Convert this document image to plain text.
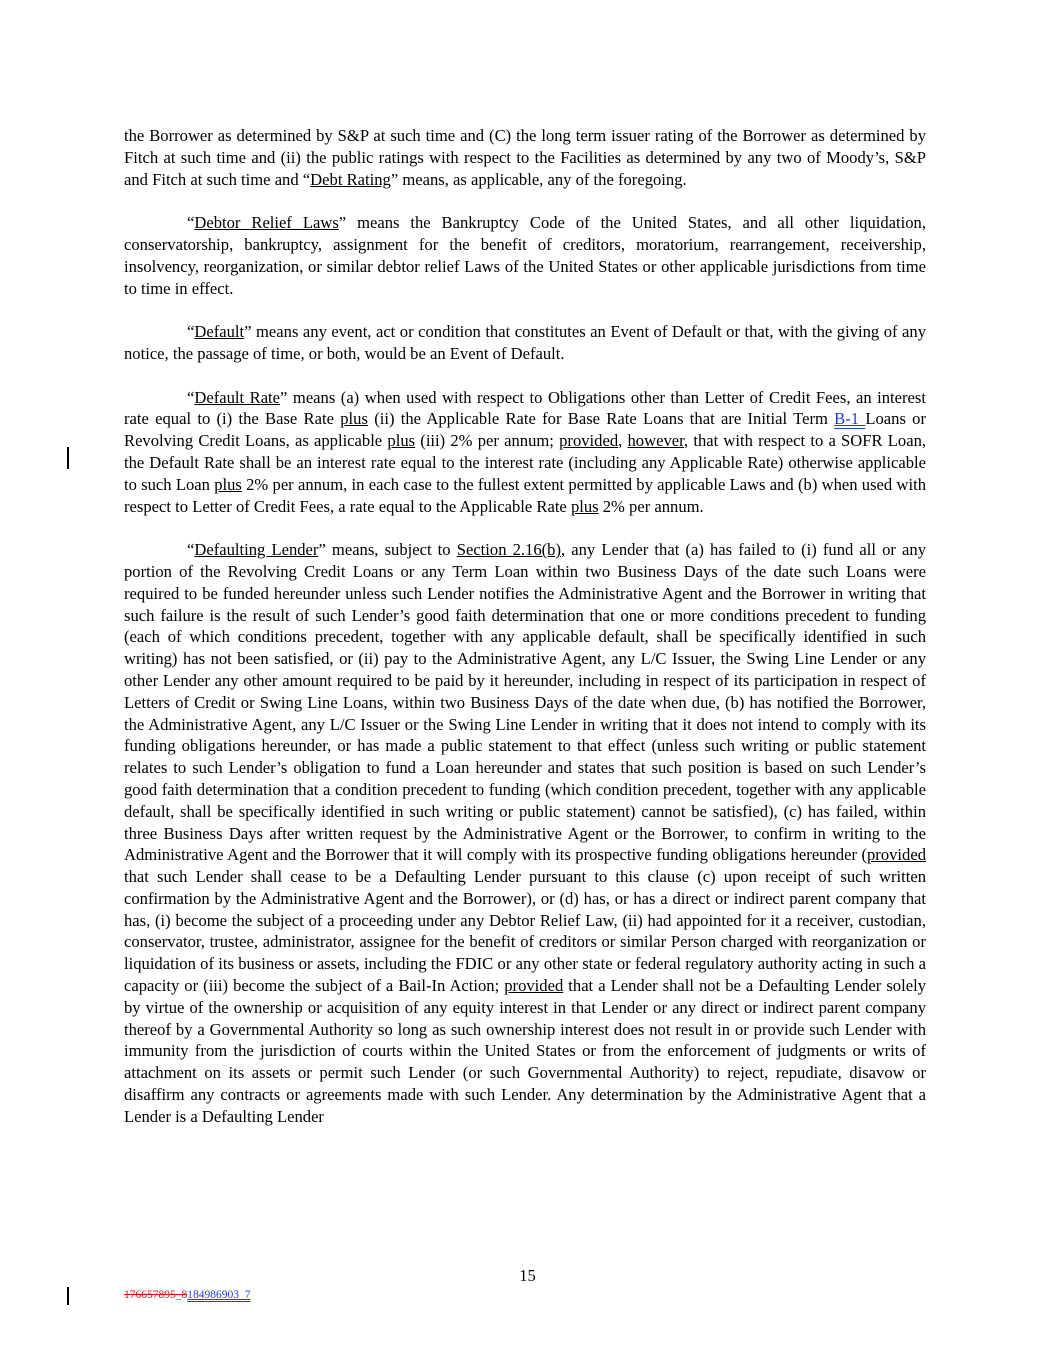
the Borrower as determined by S&P at such time and (C) the long term issuer rating of the Borrower as determined by Fitch at such time and (ii) the public ratings with respect to the Facilities as determined by any two of Moody’s, S&P and Fitch at such time and “Debt Rating” means, as applicable, any of the foregoing.

“Debtor Relief Laws” means the Bankruptcy Code of the United States, and all other liquidation, conservatorship, bankruptcy, assignment for the benefit of creditors, moratorium, rearrangement, receivership, insolvency, reorganization, or similar debtor relief Laws of the United States or other applicable jurisdictions from time to time in effect.

“Default” means any event, act or condition that constitutes an Event of Default or that, with the giving of any notice, the passage of time, or both, would be an Event of Default.

“Default Rate” means (a) when used with respect to Obligations other than Letter of Credit Fees, an interest rate equal to (i) the Base Rate plus (ii) the Applicable Rate for Base Rate Loans that are Initial Term B-1 Loans or Revolving Credit Loans, as applicable plus (iii) 2% per annum; provided, however, that with respect to a SOFR Loan, the Default Rate shall be an interest rate equal to the interest rate (including any Applicable Rate) otherwise applicable to such Loan plus 2% per annum, in each case to the fullest extent permitted by applicable Laws and (b) when used with respect to Letter of Credit Fees, a rate equal to the Applicable Rate plus 2% per annum.

“Defaulting Lender” means, subject to Section 2.16(b), any Lender that (a) has failed to (i) fund all or any portion of the Revolving Credit Loans or any Term Loan within two Business Days of the date such Loans were required to be funded hereunder unless such Lender notifies the Administrative Agent and the Borrower in writing that such failure is the result of such Lender’s good faith determination that one or more conditions precedent to funding (each of which conditions precedent, together with any applicable default, shall be specifically identified in such writing) has not been satisfied, or (ii) pay to the Administrative Agent, any L/C Issuer, the Swing Line Lender or any other Lender any other amount required to be paid by it hereunder, including in respect of its participation in respect of Letters of Credit or Swing Line Loans, within two Business Days of the date when due, (b) has notified the Borrower, the Administrative Agent, any L/C Issuer or the Swing Line Lender in writing that it does not intend to comply with its funding obligations hereunder, or has made a public statement to that effect (unless such writing or public statement relates to such Lender’s obligation to fund a Loan hereunder and states that such position is based on such Lender’s good faith determination that a condition precedent to funding (which condition precedent, together with any applicable default, shall be specifically identified in such writing or public statement) cannot be satisfied), (c) has failed, within three Business Days after written request by the Administrative Agent or the Borrower, to confirm in writing to the Administrative Agent and the Borrower that it will comply with its prospective funding obligations hereunder (provided that such Lender shall cease to be a Defaulting Lender pursuant to this clause (c) upon receipt of such written confirmation by the Administrative Agent and the Borrower), or (d) has, or has a direct or indirect parent company that has, (i) become the subject of a proceeding under any Debtor Relief Law, (ii) had appointed for it a receiver, custodian, conservator, trustee, administrator, assignee for the benefit of creditors or similar Person charged with reorganization or liquidation of its business or assets, including the FDIC or any other state or federal regulatory authority acting in such a capacity or (iii) become the subject of a Bail-In Action; provided that a Lender shall not be a Defaulting Lender solely by virtue of the ownership or acquisition of any equity interest in that Lender or any direct or indirect parent company thereof by a Governmental Authority so long as such ownership interest does not result in or provide such Lender with immunity from the jurisdiction of courts within the United States or from the enforcement of judgments or writs of attachment on its assets or permit such Lender (or such Governmental Authority) to reject, repudiate, disavow or disaffirm any contracts or agreements made with such Lender. Any determination by the Administrative Agent that a Lender is a Defaulting Lender

15
176657895_8184986903_7
